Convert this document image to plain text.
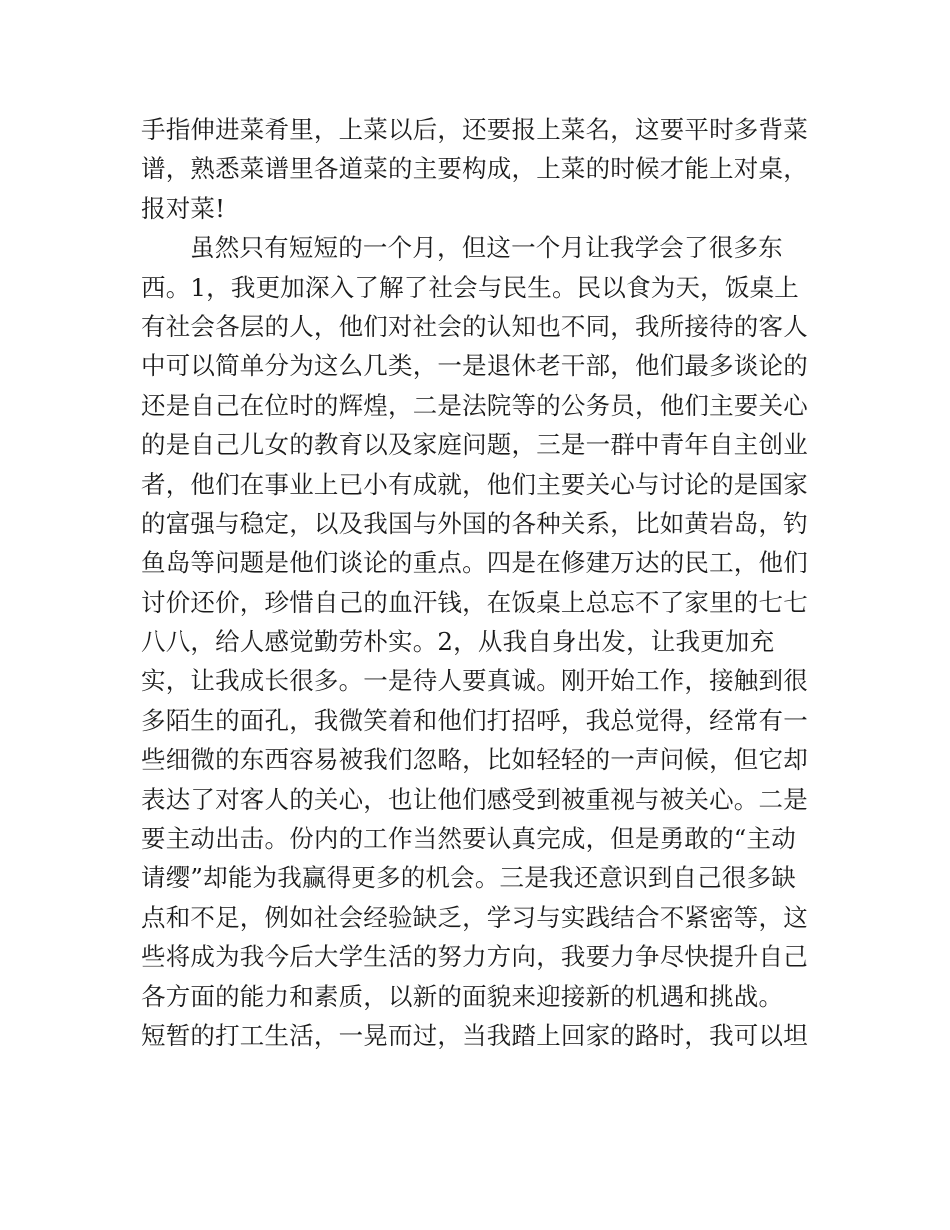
手指伸进菜肴里，上菜以后，还要报上菜名，这要平时多背菜
谱，熟悉菜谱里各道菜的主要构成，上菜的时候才能上对桌，
报对菜!
虽然只有短短的一个月，但这一个月让我学会了很多东
西。1，我更加深入了解了社会与民生。民以食为天，饭桌上
有社会各层的人，他们对社会的认知也不同，我所接待的客人
中可以简单分为这么几类，一是退休老干部，他们最多谈论的
还是自己在位时的辉煌，二是法院等的公务员，他们主要关心
的是自己儿女的教育以及家庭问题，三是一群中青年自主创业
者，他们在事业上已小有成就，他们主要关心与讨论的是国家
的富强与稳定，以及我国与外国的各种关系，比如黄岩岛，钓
鱼岛等问题是他们谈论的重点。四是在修建万达的民工，他们
讨价还价，珍惜自己的血汗钱，在饭桌上总忘不了家里的七七
八八，给人感觉勤劳朴实。2，从我自身出发，让我更加充
实，让我成长很多。一是待人要真诚。刚开始工作，接触到很
多陌生的面孔，我微笑着和他们打招呼，我总觉得，经常有一
些细微的东西容易被我们忽略，比如轻轻的一声问候，但它却
表达了对客人的关心，也让他们感受到被重视与被关心。二是
要主动出击。份内的工作当然要认真完成，但是勇敢的“主动
请缨”却能为我赢得更多的机会。三是我还意识到自己很多缺
点和不足，例如社会经验缺乏，学习与实践结合不紧密等，这
些将成为我今后大学生活的努力方向，我要力争尽快提升自己
各方面的能力和素质，以新的面貌来迎接新的机遇和挑战。
短暂的打工生活，一晃而过，当我踏上回家的路时，我可以坦
